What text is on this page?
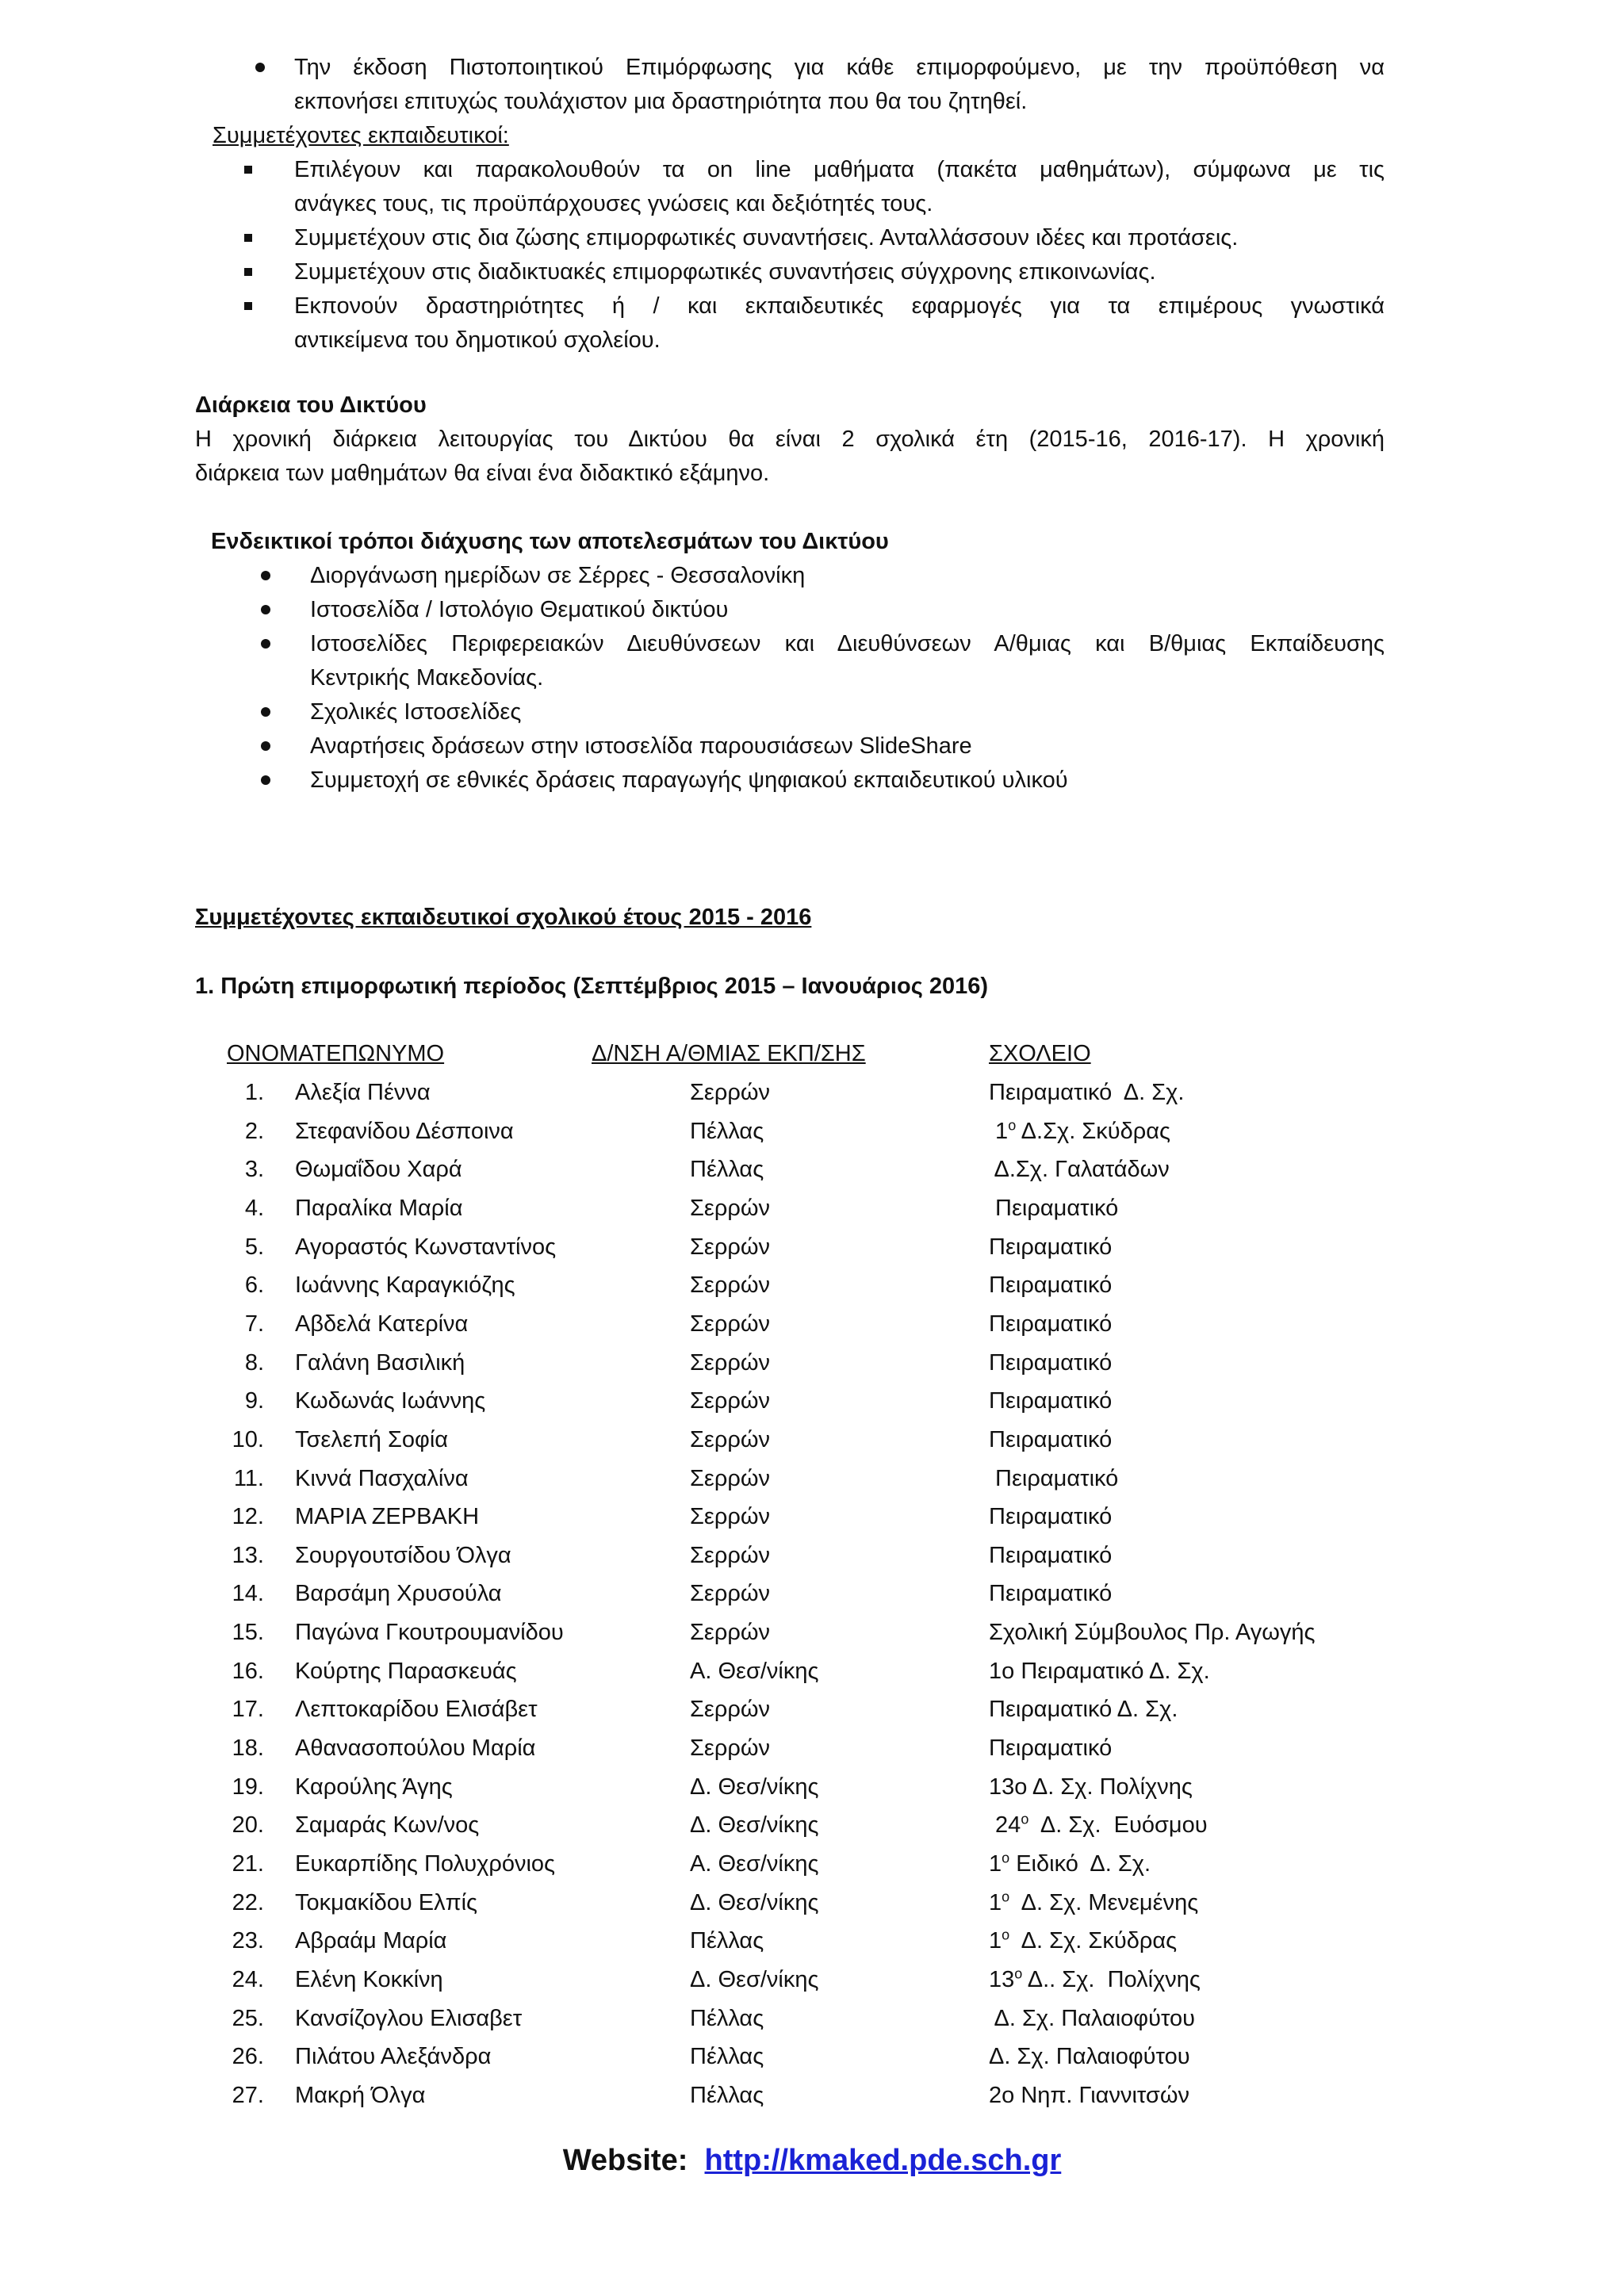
Την έκδοση Πιστοποιητικού Επιμόρφωσης για κάθε επιμορφούμενο, με την προϋπόθεση να
εκπονήσει επιτυχώς τουλάχιστον μια δραστηριότητα που θα του ζητηθεί.
Συμμετέχοντες εκπαιδευτικοί:
Επιλέγουν και παρακολουθούν τα on line μαθήματα (πακέτα μαθημάτων), σύμφωνα με τις
ανάγκες τους, τις προϋπάρχουσες γνώσεις και δεξιότητές τους.
Συμμετέχουν στις δια ζώσης επιμορφωτικές συναντήσεις. Ανταλλάσσουν ιδέες και προτάσεις.
Συμμετέχουν στις διαδικτυακές επιμορφωτικές συναντήσεις σύγχρονης επικοινωνίας.
Εκπονούν δραστηριότητες ή / και εκπαιδευτικές εφαρμογές για τα επιμέρους γνωστικά
αντικείμενα του δημοτικού σχολείου.
Διάρκεια του Δικτύου
Η χρονική διάρκεια λειτουργίας του Δικτύου θα είναι 2 σχολικά έτη (2015-16, 2016-17). Η χρονική
διάρκεια των μαθημάτων θα είναι ένα διδακτικό εξάμηνο.
Ενδεικτικοί τρόποι διάχυσης των αποτελεσμάτων του Δικτύου
Διοργάνωση ημερίδων σε Σέρρες - Θεσσαλονίκη
Ιστοσελίδα / Ιστολόγιο Θεματικού δικτύου
Ιστοσελίδες Περιφερειακών Διευθύνσεων και Διευθύνσεων Α/θμιας και Β/θμιας Εκπαίδευσης
Κεντρικής Μακεδονίας.
Σχολικές Ιστοσελίδες
Αναρτήσεις δράσεων στην ιστοσελίδα παρουσιάσεων SlideShare
Συμμετοχή σε εθνικές δράσεις παραγωγής ψηφιακού εκπαιδευτικού υλικού
Συμμετέχοντες εκπαιδευτικοί σχολικού έτους 2015 - 2016
1. Πρώτη επιμορφωτική περίοδος (Σεπτέμβριος 2015 – Ιανουάριος 2016)
ΟΝΟΜΑΤΕΠΩΝΥΜΟ	Δ/ΝΣΗ Α/ΘΜΙΑΣ ΕΚΠ/ΣΗΣ	ΣΧΟΛΕΙΟ
1. Αλεξία Πέννα	Σερρών	Πειραματικό  Δ. Σχ.
2. Στεφανίδου Δέσποινα	Πέλλας	$1^o$ Δ.Σχ. Σκύδρας
3. Θωμαΐδου Χαρά	Πέλλας	Δ.Σχ. Γαλατάδων
4. Παραλίκα Μαρία	Σερρών	Πειραματικό
5. Αγοραστός Κωνσταντίνος	Σερρών	Πειραματικό
6. Ιωάννης Καραγκιόζης	Σερρών	Πειραματικό
7. Αβδελά Κατερίνα	Σερρών	Πειραματικό
8. Γαλάνη Βασιλική	Σερρών	Πειραματικό
9. Κωδωνάς Ιωάννης	Σερρών	Πειραματικό
10. Τσελεπή Σοφία	Σερρών	Πειραματικό
11. Κιννά Πασχαλίνα	Σερρών	Πειραματικό
12. ΜΑΡΙΑ ΖΕΡΒΑΚΗ	Σερρών	Πειραματικό
13. Σουργουτσίδου Όλγα	Σερρών	Πειραματικό
14. Βαρσάμη Χρυσούλα	Σερρών	Πειραματικό
15. Παγώνα Γκουτρουμανίδου	Σερρών	Σχολική Σύμβουλος Πρ. Αγωγής
16. Κούρτης Παρασκευάς	Α. Θεσ/νίκης	1ο Πειραματικό Δ. Σχ.
17. Λεπτοκαρίδου Ελισάβετ	Σερρών	Πειραματικό Δ. Σχ.
18. Αθανασοπούλου Μαρία	Σερρών	Πειραματικό
19. Καρούλης Άγης	Δ. Θεσ/νίκης	13ο Δ. Σχ. Πολίχνης
20. Σαμαράς Κων/νος	Δ. Θεσ/νίκης	$24^o$  Δ. Σχ.  Ευόσμου
21. Ευκαρπίδης Πολυχρόνιος	Α. Θεσ/νίκης	$1^o$ Ειδικό  Δ. Σχ.
22. Τοκμακίδου Ελπίς	Δ. Θεσ/νίκης	$1^o$  Δ. Σχ. Μενεμένης
23. Αβραάμ Μαρία	Πέλλας	$1^o$  Δ. Σχ. Σκύδρας
24. Ελένη Κοκκίνη	Δ. Θεσ/νίκης	$13^o$ Δ.. Σχ.  Πολίχνης
25. Κανσίζογλου Ελισαβετ	Πέλλας	Δ. Σχ. Παλαιοφύτου
26. Πιλάτου Αλεξάνδρα	Πέλλας	Δ. Σχ. Παλαιοφύτου
27. Μακρή Όλγα	Πέλλας	2ο Νηπ. Γιαννιτσών
Website: http://kmaked.pde.sch.gr
